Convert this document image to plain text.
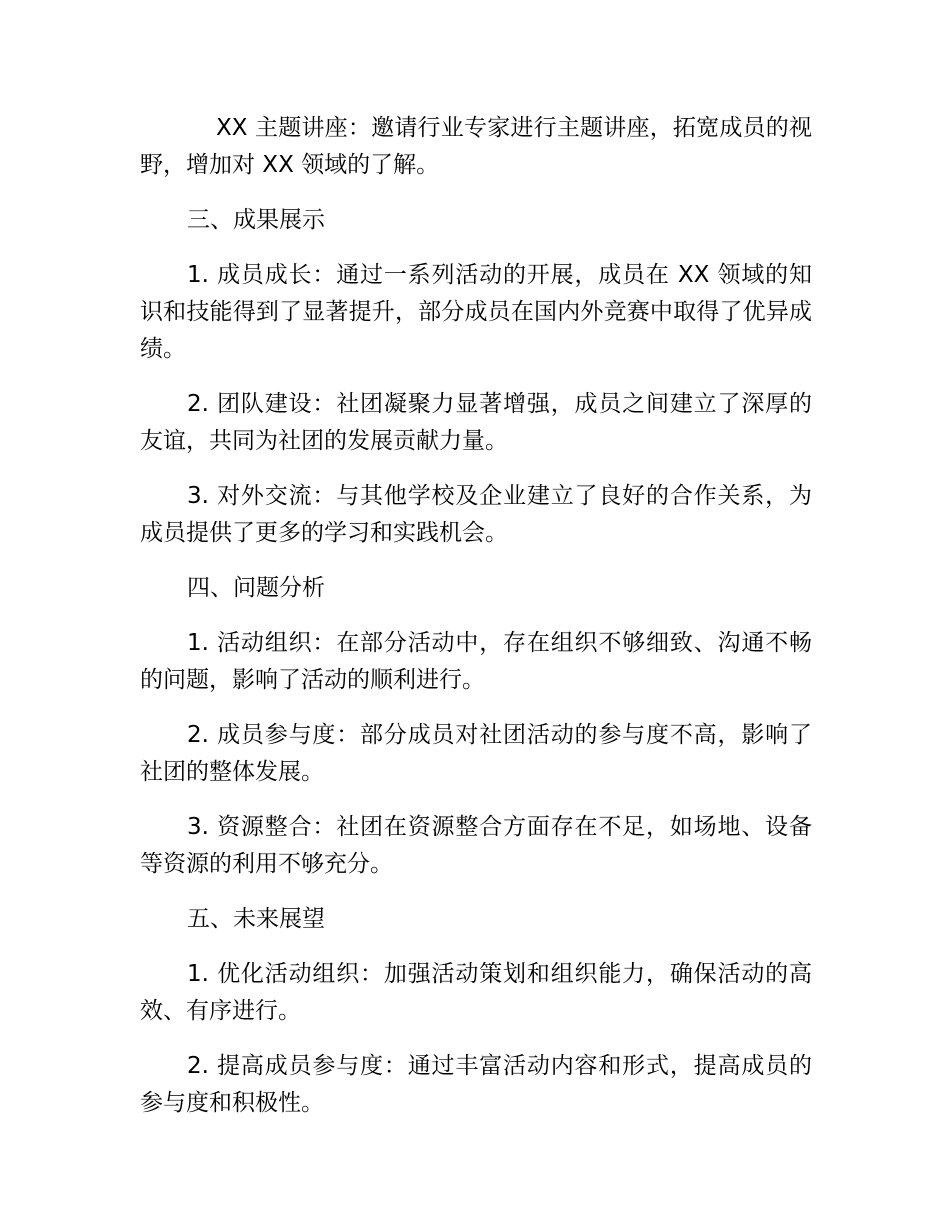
XX 主题讲座：邀请行业专家进行主题讲座，拓宽成员的视野，增加对 XX 领域的了解。

三、成果展示

1. 成员成长：通过一系列活动的开展，成员在 XX 领域的知识和技能得到了显著提升，部分成员在国内外竞赛中取得了优异成绩。

2. 团队建设：社团凝聚力显著增强，成员之间建立了深厚的友谊，共同为社团的发展贡献力量。

3. 对外交流：与其他学校及企业建立了良好的合作关系，为成员提供了更多的学习和实践机会。

四、问题分析

1. 活动组织：在部分活动中，存在组织不够细致、沟通不畅的问题，影响了活动的顺利进行。

2. 成员参与度：部分成员对社团活动的参与度不高，影响了社团的整体发展。

3. 资源整合：社团在资源整合方面存在不足，如场地、设备等资源的利用不够充分。

五、未来展望

1. 优化活动组织：加强活动策划和组织能力，确保活动的高效、有序进行。

2. 提高成员参与度：通过丰富活动内容和形式，提高成员的参与度和积极性。
